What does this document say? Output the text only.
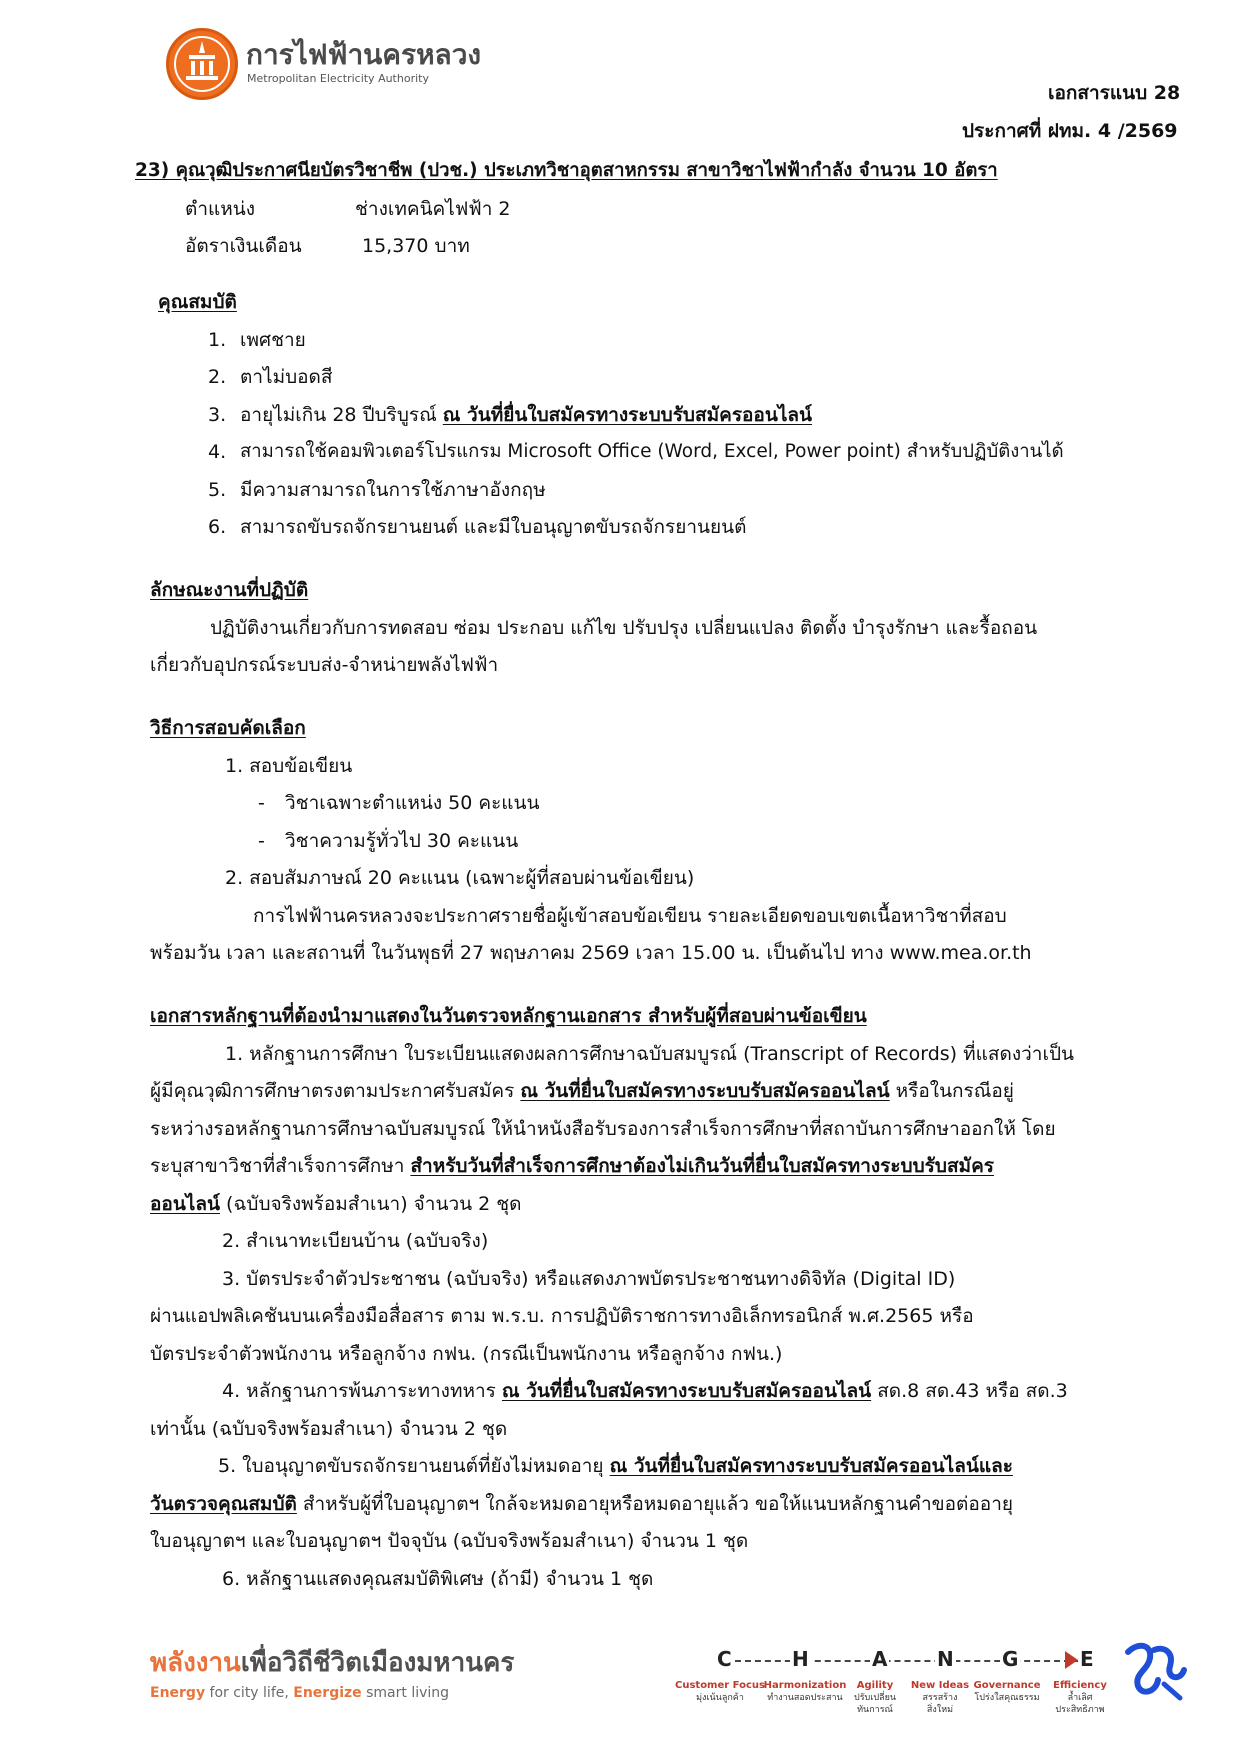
การไฟฟ้านครหลวง
Metropolitan Electricity Authority
เอกสารแนบ 28
ประกาศที่ ฝทม. 4 /2569
23) คุณวุฒิประกาศนียบัตรวิชาชีพ (ปวช.) ประเภทวิชาอุตสาหกรรม สาขาวิชาไฟฟ้ากำลัง จำนวน 10 อัตรา
ตำแหน่ง	ช่างเทคนิคไฟฟ้า 2
อัตราเงินเดือน	15,370 บาท
คุณสมบัติ
1. เพศชาย
2. ตาไม่บอดสี
3. อายุไม่เกิน 28 ปีบริบูรณ์ ณ วันที่ยื่นใบสมัครทางระบบรับสมัครออนไลน์
4. สามารถใช้คอมพิวเตอร์โปรแกรม Microsoft Office (Word, Excel, Power point) สำหรับปฏิบัติงานได้
5. มีความสามารถในการใช้ภาษาอังกฤษ
6. สามารถขับรถจักรยานยนต์ และมีใบอนุญาตขับรถจักรยานยนต์
ลักษณะงานที่ปฏิบัติ
ปฏิบัติงานเกี่ยวกับการทดสอบ ซ่อม ประกอบ แก้ไข ปรับปรุง เปลี่ยนแปลง ติดตั้ง บำรุงรักษา และรื้อถอน
เกี่ยวกับอุปกรณ์ระบบส่ง-จำหน่ายพลังไฟฟ้า
วิธีการสอบคัดเลือก
1. สอบข้อเขียน
- วิชาเฉพาะตำแหน่ง 50 คะแนน
- วิชาความรู้ทั่วไป 30 คะแนน
2. สอบสัมภาษณ์ 20 คะแนน (เฉพาะผู้ที่สอบผ่านข้อเขียน)
การไฟฟ้านครหลวงจะประกาศรายชื่อผู้เข้าสอบข้อเขียน รายละเอียดขอบเขตเนื้อหาวิชาที่สอบ
พร้อมวัน เวลา และสถานที่ ในวันพุธที่ 27 พฤษภาคม 2569 เวลา 15.00 น. เป็นต้นไป ทาง www.mea.or.th
เอกสารหลักฐานที่ต้องนำมาแสดงในวันตรวจหลักฐานเอกสาร สำหรับผู้ที่สอบผ่านข้อเขียน
1. หลักฐานการศึกษา ใบระเบียนแสดงผลการศึกษาฉบับสมบูรณ์ (Transcript of Records) ที่แสดงว่าเป็น
ผู้มีคุณวุฒิการศึกษาตรงตามประกาศรับสมัคร ณ วันที่ยื่นใบสมัครทางระบบรับสมัครออนไลน์ หรือในกรณีอยู่
ระหว่างรอหลักฐานการศึกษาฉบับสมบูรณ์ ให้นำหนังสือรับรองการสำเร็จการศึกษาที่สถาบันการศึกษาออกให้ โดย
ระบุสาขาวิชาที่สำเร็จการศึกษา สำหรับวันที่สำเร็จการศึกษาต้องไม่เกินวันที่ยื่นใบสมัครทางระบบรับสมัคร
ออนไลน์ (ฉบับจริงพร้อมสำเนา) จำนวน 2 ชุด
2. สำเนาทะเบียนบ้าน (ฉบับจริง)
3. บัตรประจำตัวประชาชน (ฉบับจริง) หรือแสดงภาพบัตรประชาชนทางดิจิทัล (Digital ID)
ผ่านแอปพลิเคชันบนเครื่องมือสื่อสาร ตาม พ.ร.บ. การปฏิบัติราชการทางอิเล็กทรอนิกส์ พ.ศ.2565 หรือ
บัตรประจำตัวพนักงาน หรือลูกจ้าง กฟน. (กรณีเป็นพนักงาน หรือลูกจ้าง กฟน.)
4. หลักฐานการพ้นภาระทางทหาร ณ วันที่ยื่นใบสมัครทางระบบรับสมัครออนไลน์ สด.8 สด.43 หรือ สด.3
เท่านั้น (ฉบับจริงพร้อมสำเนา) จำนวน 2 ชุด
5. ใบอนุญาตขับรถจักรยานยนต์ที่ยังไม่หมดอายุ ณ วันที่ยื่นใบสมัครทางระบบรับสมัครออนไลน์และ
วันตรวจคุณสมบัติ สำหรับผู้ที่ใบอนุญาตฯ ใกล้จะหมดอายุหรือหมดอายุแล้ว ขอให้แนบหลักฐานคำขอต่ออายุ
ใบอนุญาตฯ และใบอนุญาตฯ ปัจจุบัน (ฉบับจริงพร้อมสำเนา) จำนวน 1 ชุด
6. หลักฐานแสดงคุณสมบัติพิเศษ (ถ้ามี) จำนวน 1 ชุด
พลังงานเพื่อวิถีชีวิตเมืองมหานคร
Energy for city life, Energize smart living
C	H	A N G	E
Customer Focus
มุ่งเน้นลูกค้า
Harmonization
ทำงานสอดประสาน
Agility
ปรับเปลี่ยน
ทันการณ์
New Ideas
สรรสร้าง
สิ่งใหม่
Governance
โปร่งใสคุณธรรม
Efficiency
ล้ำเลิศ
ประสิทธิภาพ
